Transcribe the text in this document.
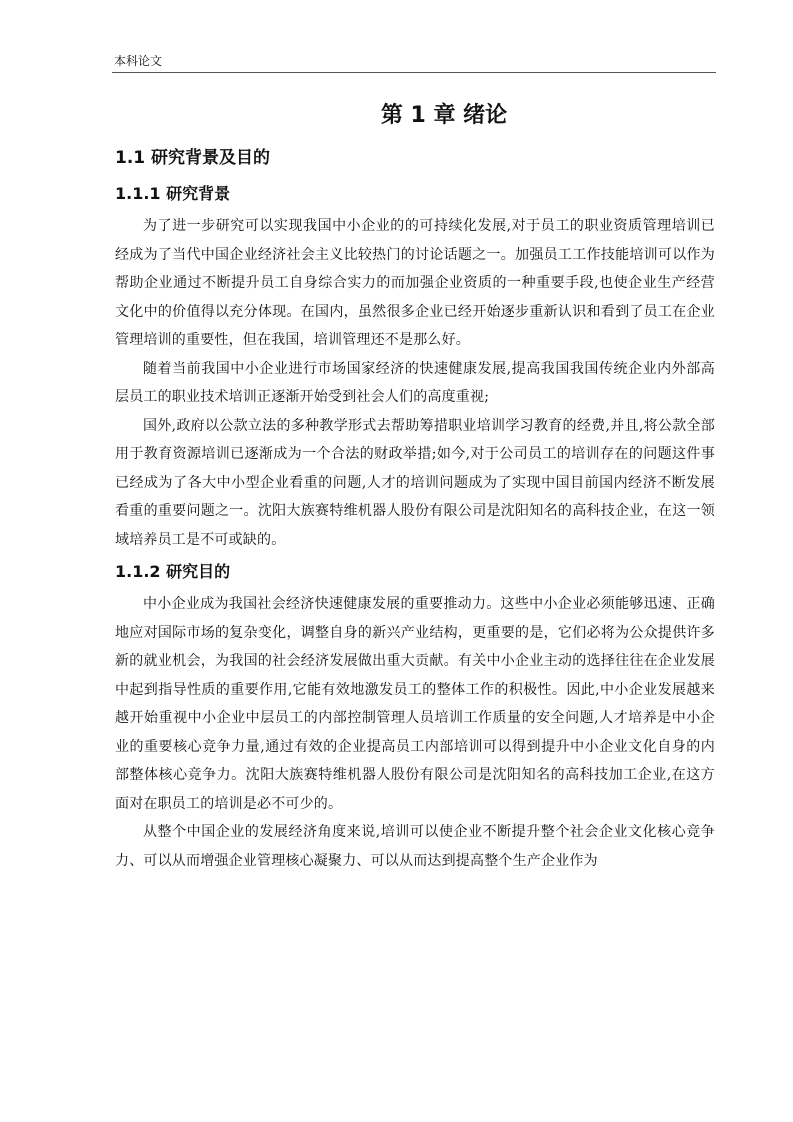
本科论文
第 1 章 绪论
1.1 研究背景及目的
1.1.1 研究背景

为了进一步研究可以实现我国中小企业的的可持续化发展,对于员工的职业资质管理培训已经成为了当代中国企业经济社会主义比较热门的讨论话题之一。加强员工工作技能培训可以作为帮助企业通过不断提升员工自身综合实力的而加强企业资质的一种重要手段,也使企业生产经营文化中的价值得以充分体现。在国内，虽然很多企业已经开始逐步重新认识和看到了员工在企业管理培训的重要性，但在我国，培训管理还不是那么好。

随着当前我国中小企业进行市场国家经济的快速健康发展,提高我国我国传统企业内外部高层员工的职业技术培训正逐渐开始受到社会人们的高度重视;

国外,政府以公款立法的多种教学形式去帮助筹措职业培训学习教育的经费,并且,将公款全部用于教育资源培训已逐渐成为一个合法的财政举措;如今,对于公司员工的培训存在的问题这件事已经成为了各大中小型企业看重的问题,人才的培训问题成为了实现中国目前国内经济不断发展看重的重要问题之一。沈阳大族赛特维机器人股份有限公司是沈阳知名的高科技企业，在这一领域培养员工是不可或缺的。

1.1.2 研究目的

中小企业成为我国社会经济快速健康发展的重要推动力。这些中小企业必须能够迅速、正确地应对国际市场的复杂变化，调整自身的新兴产业结构，更重要的是，它们必将为公众提供许多新的就业机会，为我国的社会经济发展做出重大贡献。有关中小企业主动的选择往往在企业发展中起到指导性质的重要作用,它能有效地激发员工的整体工作的积极性。因此,中小企业发展越来越开始重视中小企业中层员工的内部控制管理人员培训工作质量的安全问题,人才培养是中小企业的重要核心竞争力量,通过有效的企业提高员工内部培训可以得到提升中小企业文化自身的内部整体核心竞争力。沈阳大族赛特维机器人股份有限公司是沈阳知名的高科技加工企业,在这方面对在职员工的培训是必不可少的。

从整个中国企业的发展经济角度来说,培训可以使企业不断提升整个社会企业文化核心竞争力、可以从而增强企业管理核心凝聚力、可以从而达到提高整个生产企业作为
